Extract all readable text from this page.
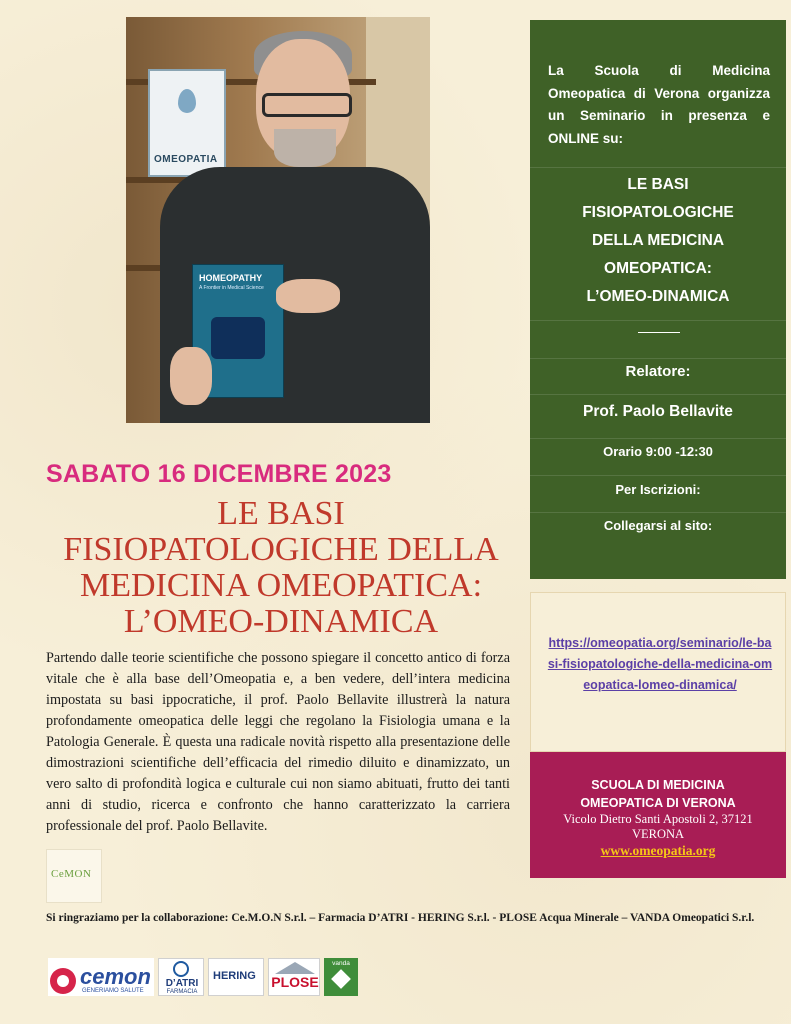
OMEOPATIA
HOMEOPATHY
A Frontier in Medical Science
La Scuola di Medicina Omeopatica di Verona organizza un Seminario in presenza e ONLINE su:
LE BASI
FISIOPATOLOGICHE
DELLA MEDICINA
OMEOPATICA:
L’OMEO-DINAMICA
Relatore:
Prof. Paolo Bellavite
Orario 9:00 -12:30
Per Iscrizioni:
Collegarsi al sito:
https://omeopatia.org/seminario/le-basi-fisiopatologiche-della-medicina-omeopatica-lomeo-dinamica/
SCUOLA DI MEDICINA
OMEOPATICA DI VERONA
Vicolo Dietro Santi Apostoli 2, 37121
VERONA
www.omeopatia.org
SABATO 16 DICEMBRE 2023
LE BASI
FISIOPATOLOGICHE DELLA
MEDICINA OMEOPATICA:
L’OMEO-DINAMICA
Partendo dalle teorie scientifiche che possono spiegare il concetto antico di forza vitale che è alla base dell’Omeopatia e, a ben vedere, dell’intera medicina impostata su basi ippocratiche, il prof. Paolo Bellavite illustrerà la natura profondamente omeopatica delle leggi che regolano la Fisiologia umana e la Patologia Generale. È questa una radicale novità rispetto alla presentazione delle dimostrazioni scientifiche dell’efficacia del rimedio diluito e dinamizzato, un vero salto di profondità logica e culturale cui non siamo abituati, frutto dei tanti anni di studio, ricerca e confronto che hanno caratterizzato la carriera professionale del prof. Paolo Bellavite.
CeMON
Si ringraziamo per la collaborazione: Ce.M.O.N S.r.l. – Farmacia D’ATRI - HERING S.r.l. - PLOSE Acqua Minerale – VANDA Omeopatici S.r.l.
cemon
GENERIAMO SALUTE
D’ATRI
FARMACIA
HERING PLOSE
vanda
